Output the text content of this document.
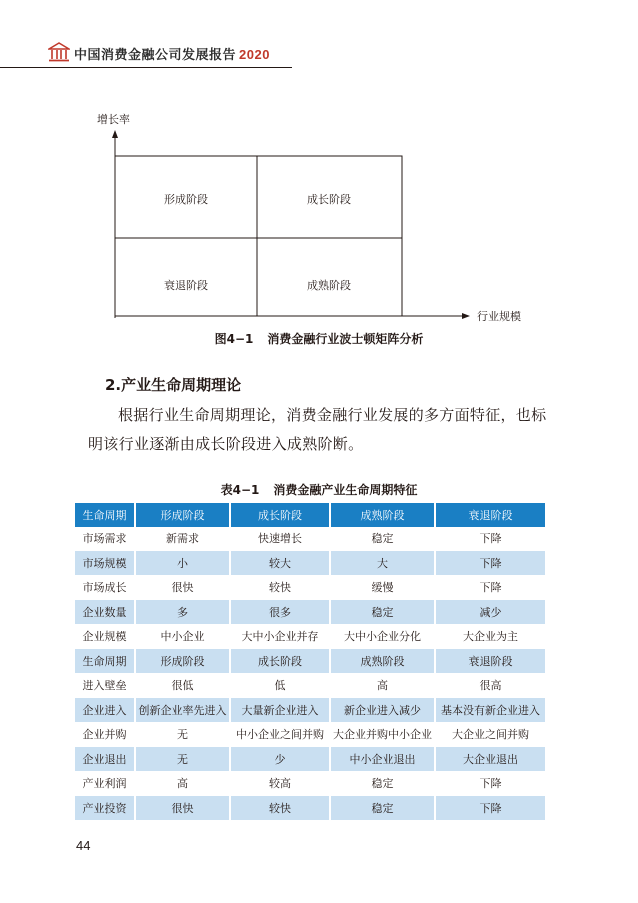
中国消费金融公司发展报告 2020
增长率
行业规模
形成阶段	成长阶段
衰退阶段	成熟阶段
图4−1 消费金融行业波士顿矩阵分析
2.产业生命周期理论
根据行业生命周期理论，消费金融行业发展的多方面特征，也标明该行业逐渐由成长阶段进入成熟阶断。
表4−1 消费金融产业生命周期特征
生命周期	形成阶段	成长阶段	成熟阶段	衰退阶段
市场需求	新需求	快速增长	稳定	下降
市场规模	小	较大	大	下降
市场成长	很快	较快	缓慢	下降
企业数量	多	很多	稳定	减少
企业规模	中小企业	大中小企业并存	大中小企业分化	大企业为主
生命周期	形成阶段	成长阶段	成熟阶段	衰退阶段
进入壁垒	很低	低	高	很高
企业进入	创新企业率先进入	大量新企业进入	新企业进入减少	基本没有新企业进入
企业并购	无	中小企业之间并购	大企业并购中小企业	大企业之间并购
企业退出	无	少	中小企业退出	大企业退出
产业利润	高	较高	稳定	下降
产业投资	很快	较快	稳定	下降
44
